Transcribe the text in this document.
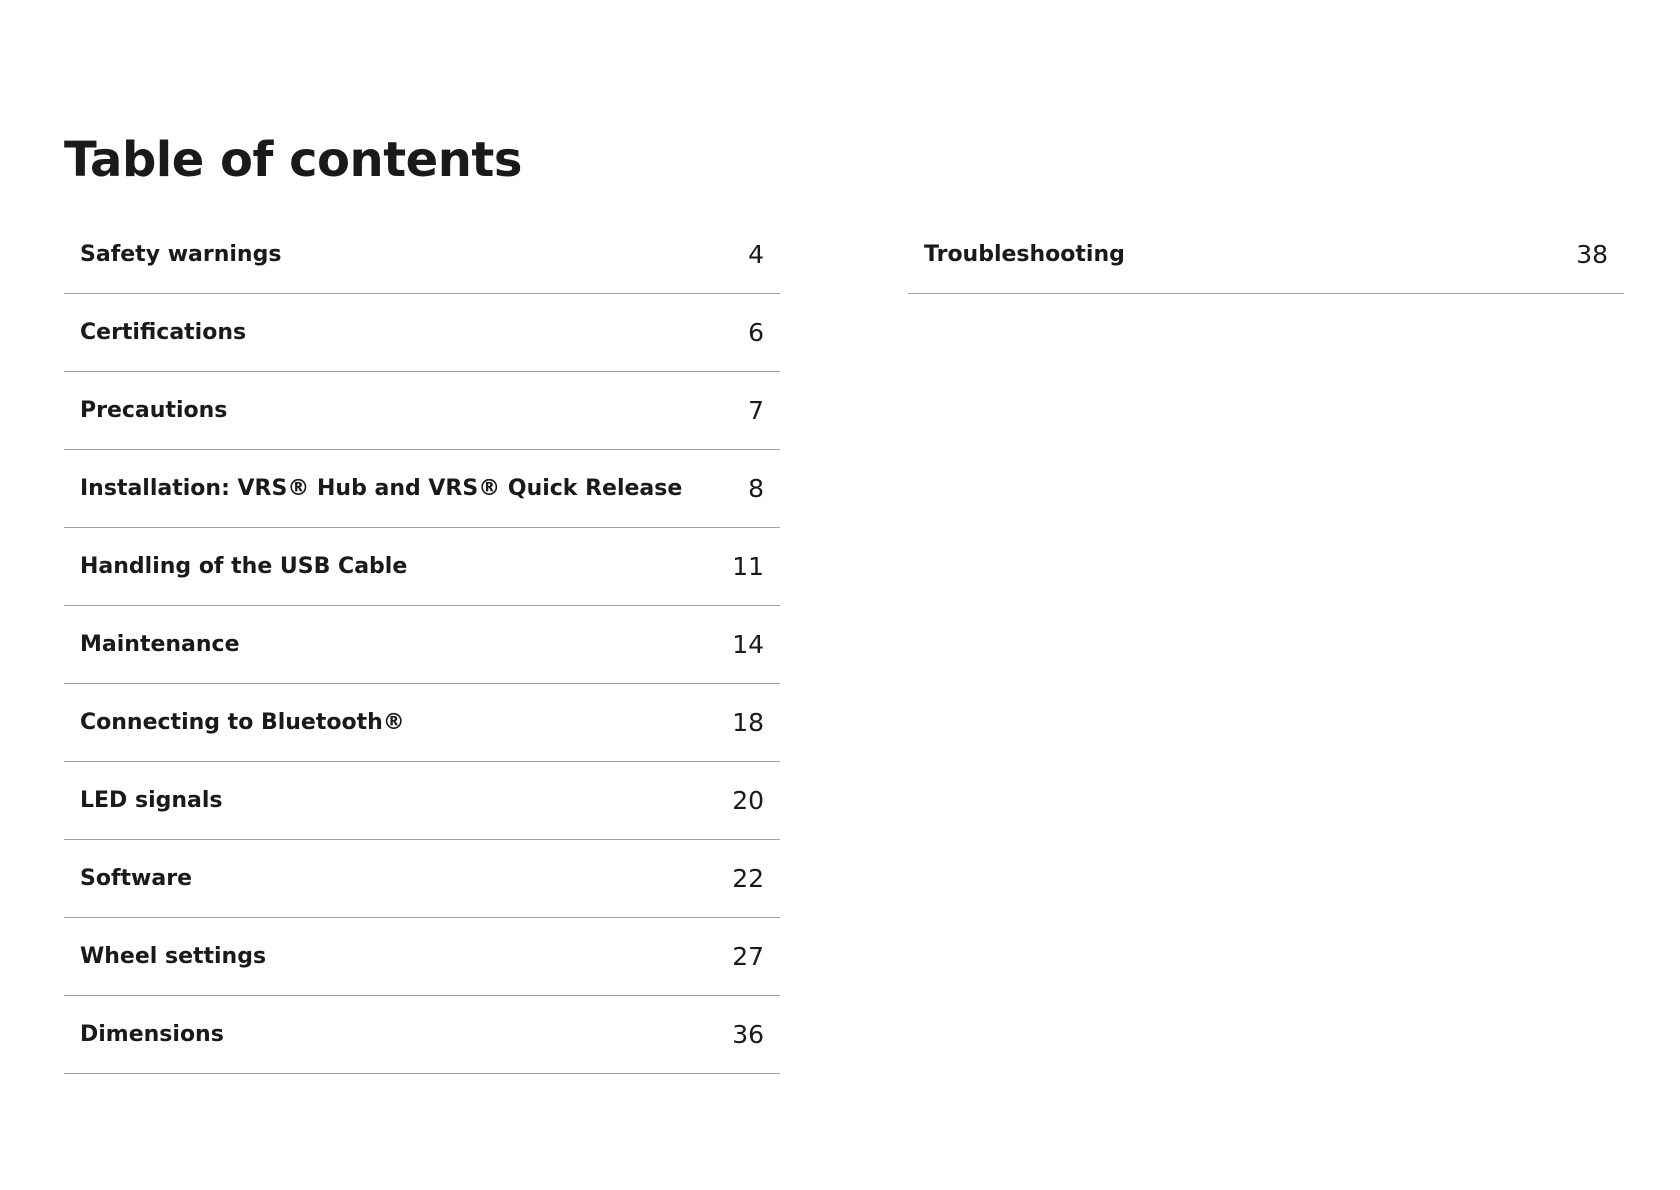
Table of contents
Safety warnings	4
Certifications	6
Precautions	7
Installation: VRS® Hub and VRS® Quick Release	8
Handling of the USB Cable	11
Maintenance	14
Connecting to Bluetooth®	18
LED signals	20
Software	22
Wheel settings	27
Dimensions	36
Troubleshooting	38
